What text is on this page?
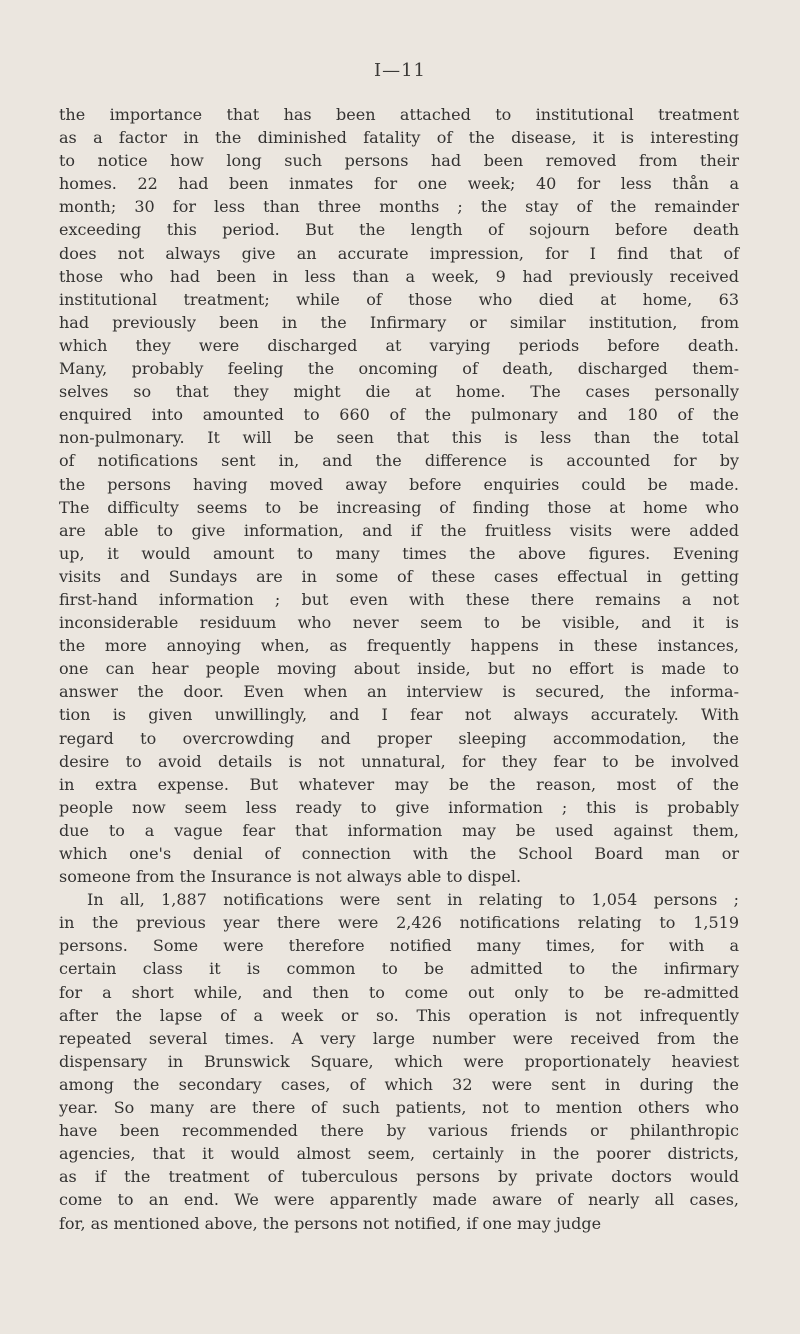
I—11
the importance that has been attached to institutional treatment
as a factor in the diminished fatality of the disease, it is interesting
to notice how long such persons had been removed from their
homes. 22 had been inmates for one week; 40 for less thån a
month; 30 for less than three months ; the stay of the remainder
exceeding this period. But the length of sojourn before death
does not always give an accurate impression, for I find that of
those who had been in less than a week, 9 had previously received
institutional treatment; while of those who died at home, 63
had previously been in the Infirmary or similar institution, from
which they were discharged at varying periods before death.
Many, probably feeling the oncoming of death, discharged them-
selves so that they might die at home. The cases personally
enquired into amounted to 660 of the pulmonary and 180 of the
non-pulmonary. It will be seen that this is less than the total
of notifications sent in, and the difference is accounted for by
the persons having moved away before enquiries could be made.
The difficulty seems to be increasing of finding those at home who
are able to give information, and if the fruitless visits were added
up, it would amount to many times the above figures. Evening
visits and Sundays are in some of these cases effectual in getting
first-hand information ; but even with these there remains a not
inconsiderable residuum who never seem to be visible, and it is
the more annoying when, as frequently happens in these instances,
one can hear people moving about inside, but no effort is made to
answer the door. Even when an interview is secured, the informa-
tion is given unwillingly, and I fear not always accurately. With
regard to overcrowding and proper sleeping accommodation, the
desire to avoid details is not unnatural, for they fear to be involved
in extra expense. But whatever may be the reason, most of the
people now seem less ready to give information ; this is probably
due to a vague fear that information may be used against them,
which one's denial of connection with the School Board man or
someone from the Insurance is not always able to dispel.
In all, 1,887 notifications were sent in relating to 1,054 persons ;
in the previous year there were 2,426 notifications relating to 1,519
persons. Some were therefore notified many times, for with a
certain class it is common to be admitted to the infirmary
for a short while, and then to come out only to be re-admitted
after the lapse of a week or so. This operation is not infrequently
repeated several times. A very large number were received from the
dispensary in Brunswick Square, which were proportionately heaviest
among the secondary cases, of which 32 were sent in during the
year. So many are there of such patients, not to mention others who
have been recommended there by various friends or philanthropic
agencies, that it would almost seem, certainly in the poorer districts,
as if the treatment of tuberculous persons by private doctors would
come to an end. We were apparently made aware of nearly all cases,
for, as mentioned above, the persons not notified, if one may judge
